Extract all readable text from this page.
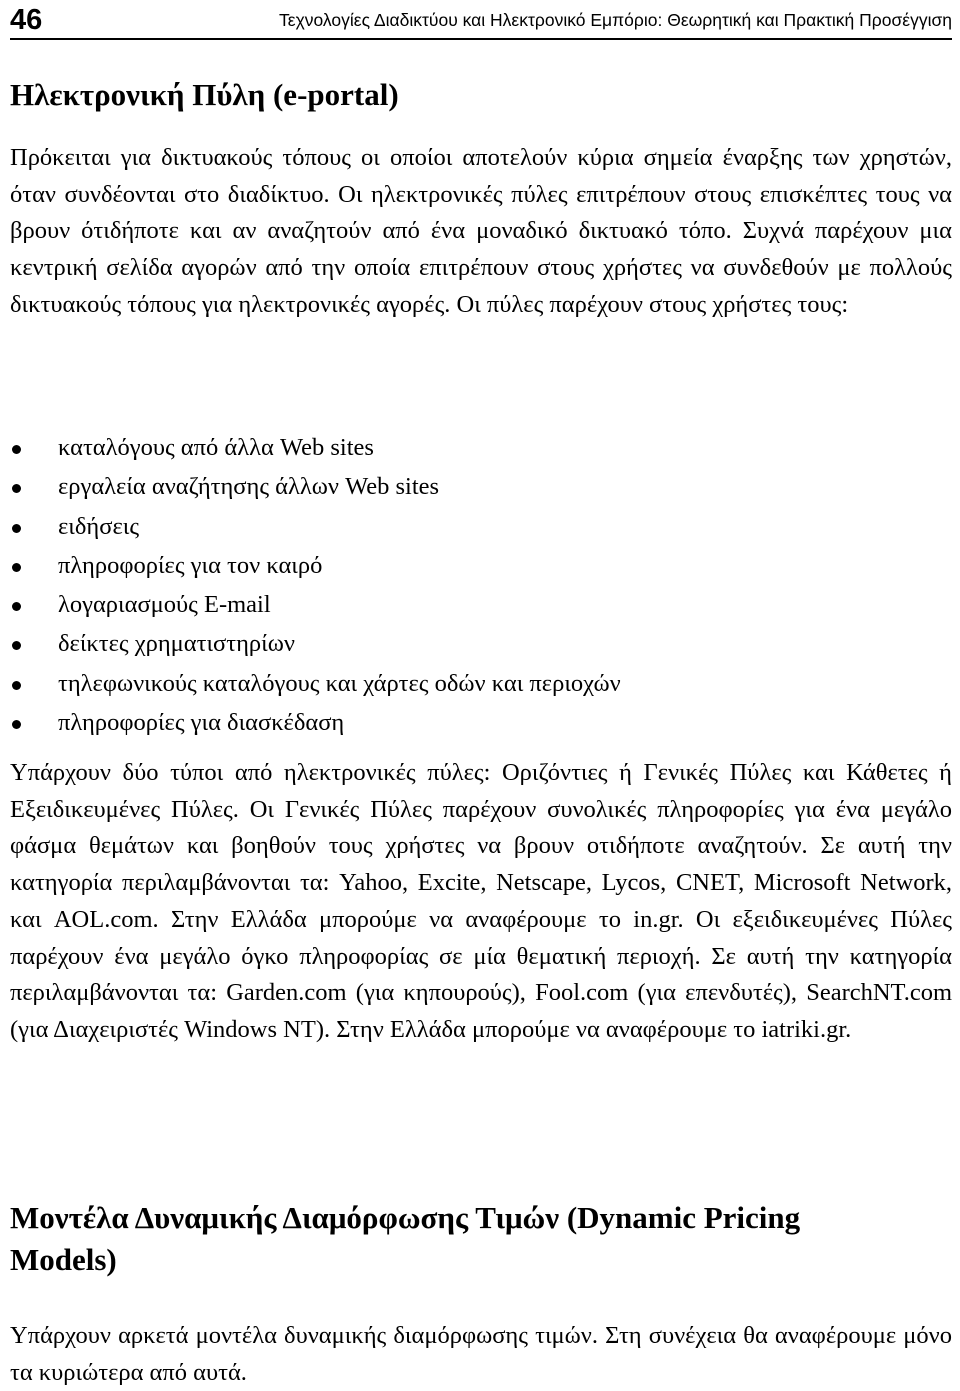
46	Τεχνολογίες Διαδικτύου και Ηλεκτρονικό Εμπόριο: Θεωρητική και Πρακτική Προσέγγιση
Ηλεκτρονική Πύλη (e-portal)

Πρόκειται για δικτυακούς τόπους οι οποίοι αποτελούν κύρια σημεία έναρξης των χρηστών, όταν συνδέονται στο διαδίκτυο. Οι ηλεκτρονικές πύλες επιτρέπουν στους επισκέπτες τους να βρουν ότιδήποτε και αν αναζητούν από ένα μοναδικό δικτυακό τόπο. Συχνά παρέχουν μια κεντρική σελίδα αγορών από την οποία επιτρέπουν στους χρήστες να συνδεθούν με πολλούς δικτυακούς τόπους για ηλεκτρονικές αγορές. Οι πύλες παρέχουν στους χρήστες τους:

καταλόγους από άλλα Web sites
εργαλεία αναζήτησης άλλων Web sites
ειδήσεις
πληροφορίες για τον καιρό
λογαριασμούς E-mail
δείκτες χρηματιστηρίων
τηλεφωνικούς καταλόγους και χάρτες οδών και περιοχών
πληροφορίες για διασκέδαση

Υπάρχουν δύο τύποι από ηλεκτρονικές πύλες: Οριζόντιες ή Γενικές Πύλες και Κάθετες ή Εξειδικευμένες Πύλες. Οι Γενικές Πύλες παρέχουν συνολικές πληροφορίες για ένα μεγάλο φάσμα θεμάτων και βοηθούν τους χρήστες να βρουν οτιδήποτε αναζητούν. Σε αυτή την κατηγορία περιλαμβάνονται τα: Yahoo, Excite, Netscape, Lycos, CNET, Microsoft Network, και AOL.com. Στην Ελλάδα μπορούμε να αναφέρουμε το in.gr. Οι εξειδικευμένες Πύλες παρέχουν ένα μεγάλο όγκο πληροφορίας σε μία θεματική περιοχή. Σε αυτή την κατηγορία περιλαμβάνονται τα: Garden.com (για κηπουρούς), Fool.com (για επενδυτές), SearchNT.com (για Διαχειριστές Windows NT). Στην Ελλάδα μπορούμε να αναφέρουμε το iatriki.gr.

Μοντέλα Δυναμικής Διαμόρφωσης Τιμών (Dynamic Pricing Models)

Υπάρχουν αρκετά μοντέλα δυναμικής διαμόρφωσης τιμών. Στη συνέχεια θα αναφέρουμε μόνο τα κυριώτερα από αυτά.
